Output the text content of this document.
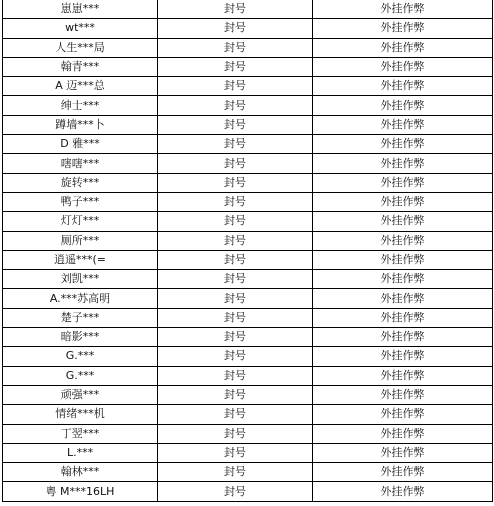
崽崽***	封号	外挂作弊
wt***	封号	外挂作弊
人生***局	封号	外挂作弊
翰青***	封号	外挂作弊
A 迈***总	封号	外挂作弊
绅士***	封号	外挂作弊
蹲墙***卜	封号	外挂作弊
D 雅***	封号	外挂作弊
嗐嗐***	封号	外挂作弊
旋转***	封号	外挂作弊
鸭子***	封号	外挂作弊
灯灯***	封号	外挂作弊
厕所***	封号	外挂作弊
逍遥***(=	封号	外挂作弊
刘凯***	封号	外挂作弊
A.***苏高明	封号	外挂作弊
楚子***	封号	外挂作弊
暗影***	封号	外挂作弊
G.***	封号	外挂作弊
G.***	封号	外挂作弊
顽强***	封号	外挂作弊
情绪***机	封号	外挂作弊
丁翌***	封号	外挂作弊
L.***	封号	外挂作弊
翰林***	封号	外挂作弊
粤 M***16LH	封号	外挂作弊
